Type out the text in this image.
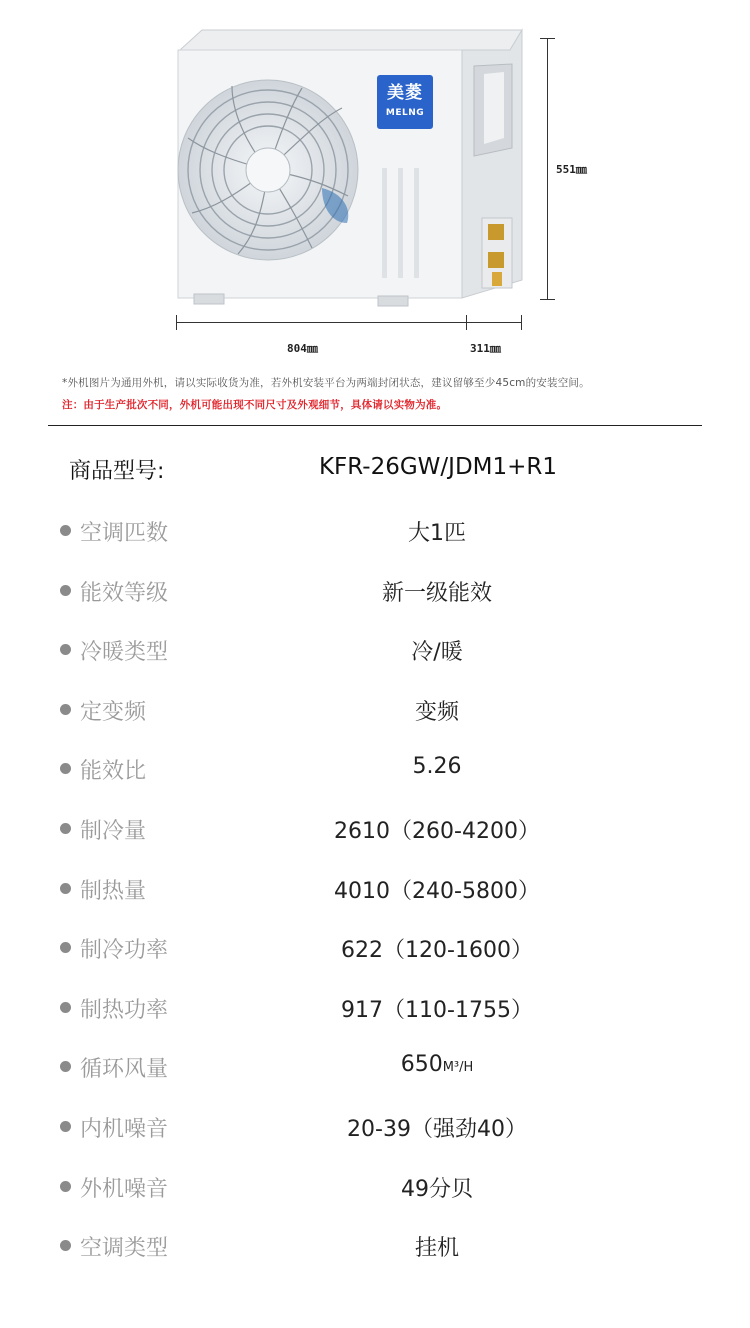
美菱
MELNG
551㎜
804㎜	311㎜
*外机图片为通用外机，请以实际收货为准，若外机安装平台为两端封闭状态，建议留够至少45cm的安装空间。
注：由于生产批次不同，外机可能出现不同尺寸及外观细节，具体请以实物为准。
商品型号:	KFR-26GW/JDM1+R1
空调匹数	大1匹
能效等级	新一级能效
冷暖类型	冷/暖
定变频	变频
能效比	5.26
制冷量	2610（260-4200）
制热量	4010（240-5800）
制冷功率	622（120-1600）
制热功率	917（110-1755）
循环风量	650M³/H
内机噪音	20-39（强劲40）
外机噪音	49分贝
空调类型	挂机
